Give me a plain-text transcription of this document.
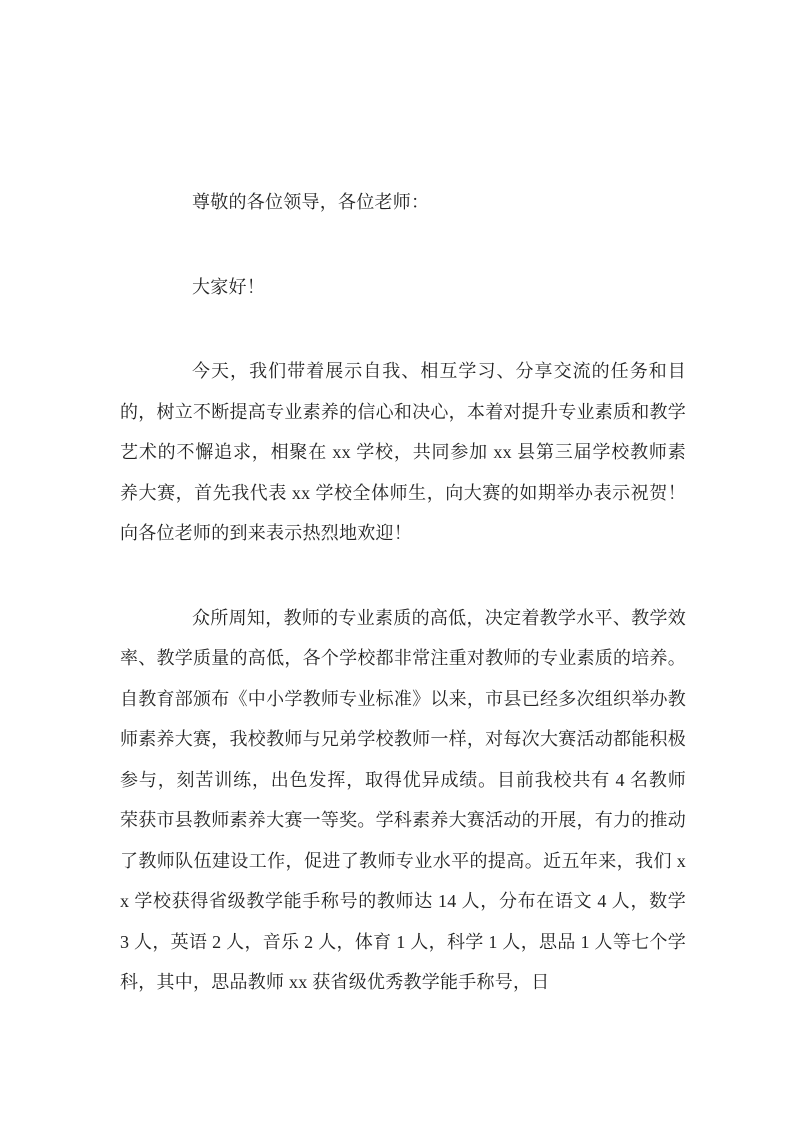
尊敬的各位领导，各位老师：

大家好！

今天，我们带着展示自我、相互学习、分享交流的任务和目的，树立不断提高专业素养的信心和决心，本着对提升专业素质和教学艺术的不懈追求，相聚在 xx 学校，共同参加 xx 县第三届学校教师素养大赛，首先我代表 xx 学校全体师生，向大赛的如期举办表示祝贺！向各位老师的到来表示热烈地欢迎！

众所周知，教师的专业素质的高低，决定着教学水平、教学效率、教学质量的高低，各个学校都非常注重对教师的专业素质的培养。自教育部颁布《中小学教师专业标准》以来，市县已经多次组织举办教师素养大赛，我校教师与兄弟学校教师一样，对每次大赛活动都能积极参与，刻苦训练，出色发挥，取得优异成绩。目前我校共有 4 名教师荣获市县教师素养大赛一等奖。学科素养大赛活动的开展，有力的推动了教师队伍建设工作，促进了教师专业水平的提高。近五年来，我们 xx 学校获得省级教学能手称号的教师达 14 人，分布在语文 4 人，数学 3 人，英语 2 人，音乐 2 人，体育 1 人，科学 1 人，思品 1 人等七个学科，其中，思品教师 xx 获省级优秀教学能手称号，日
